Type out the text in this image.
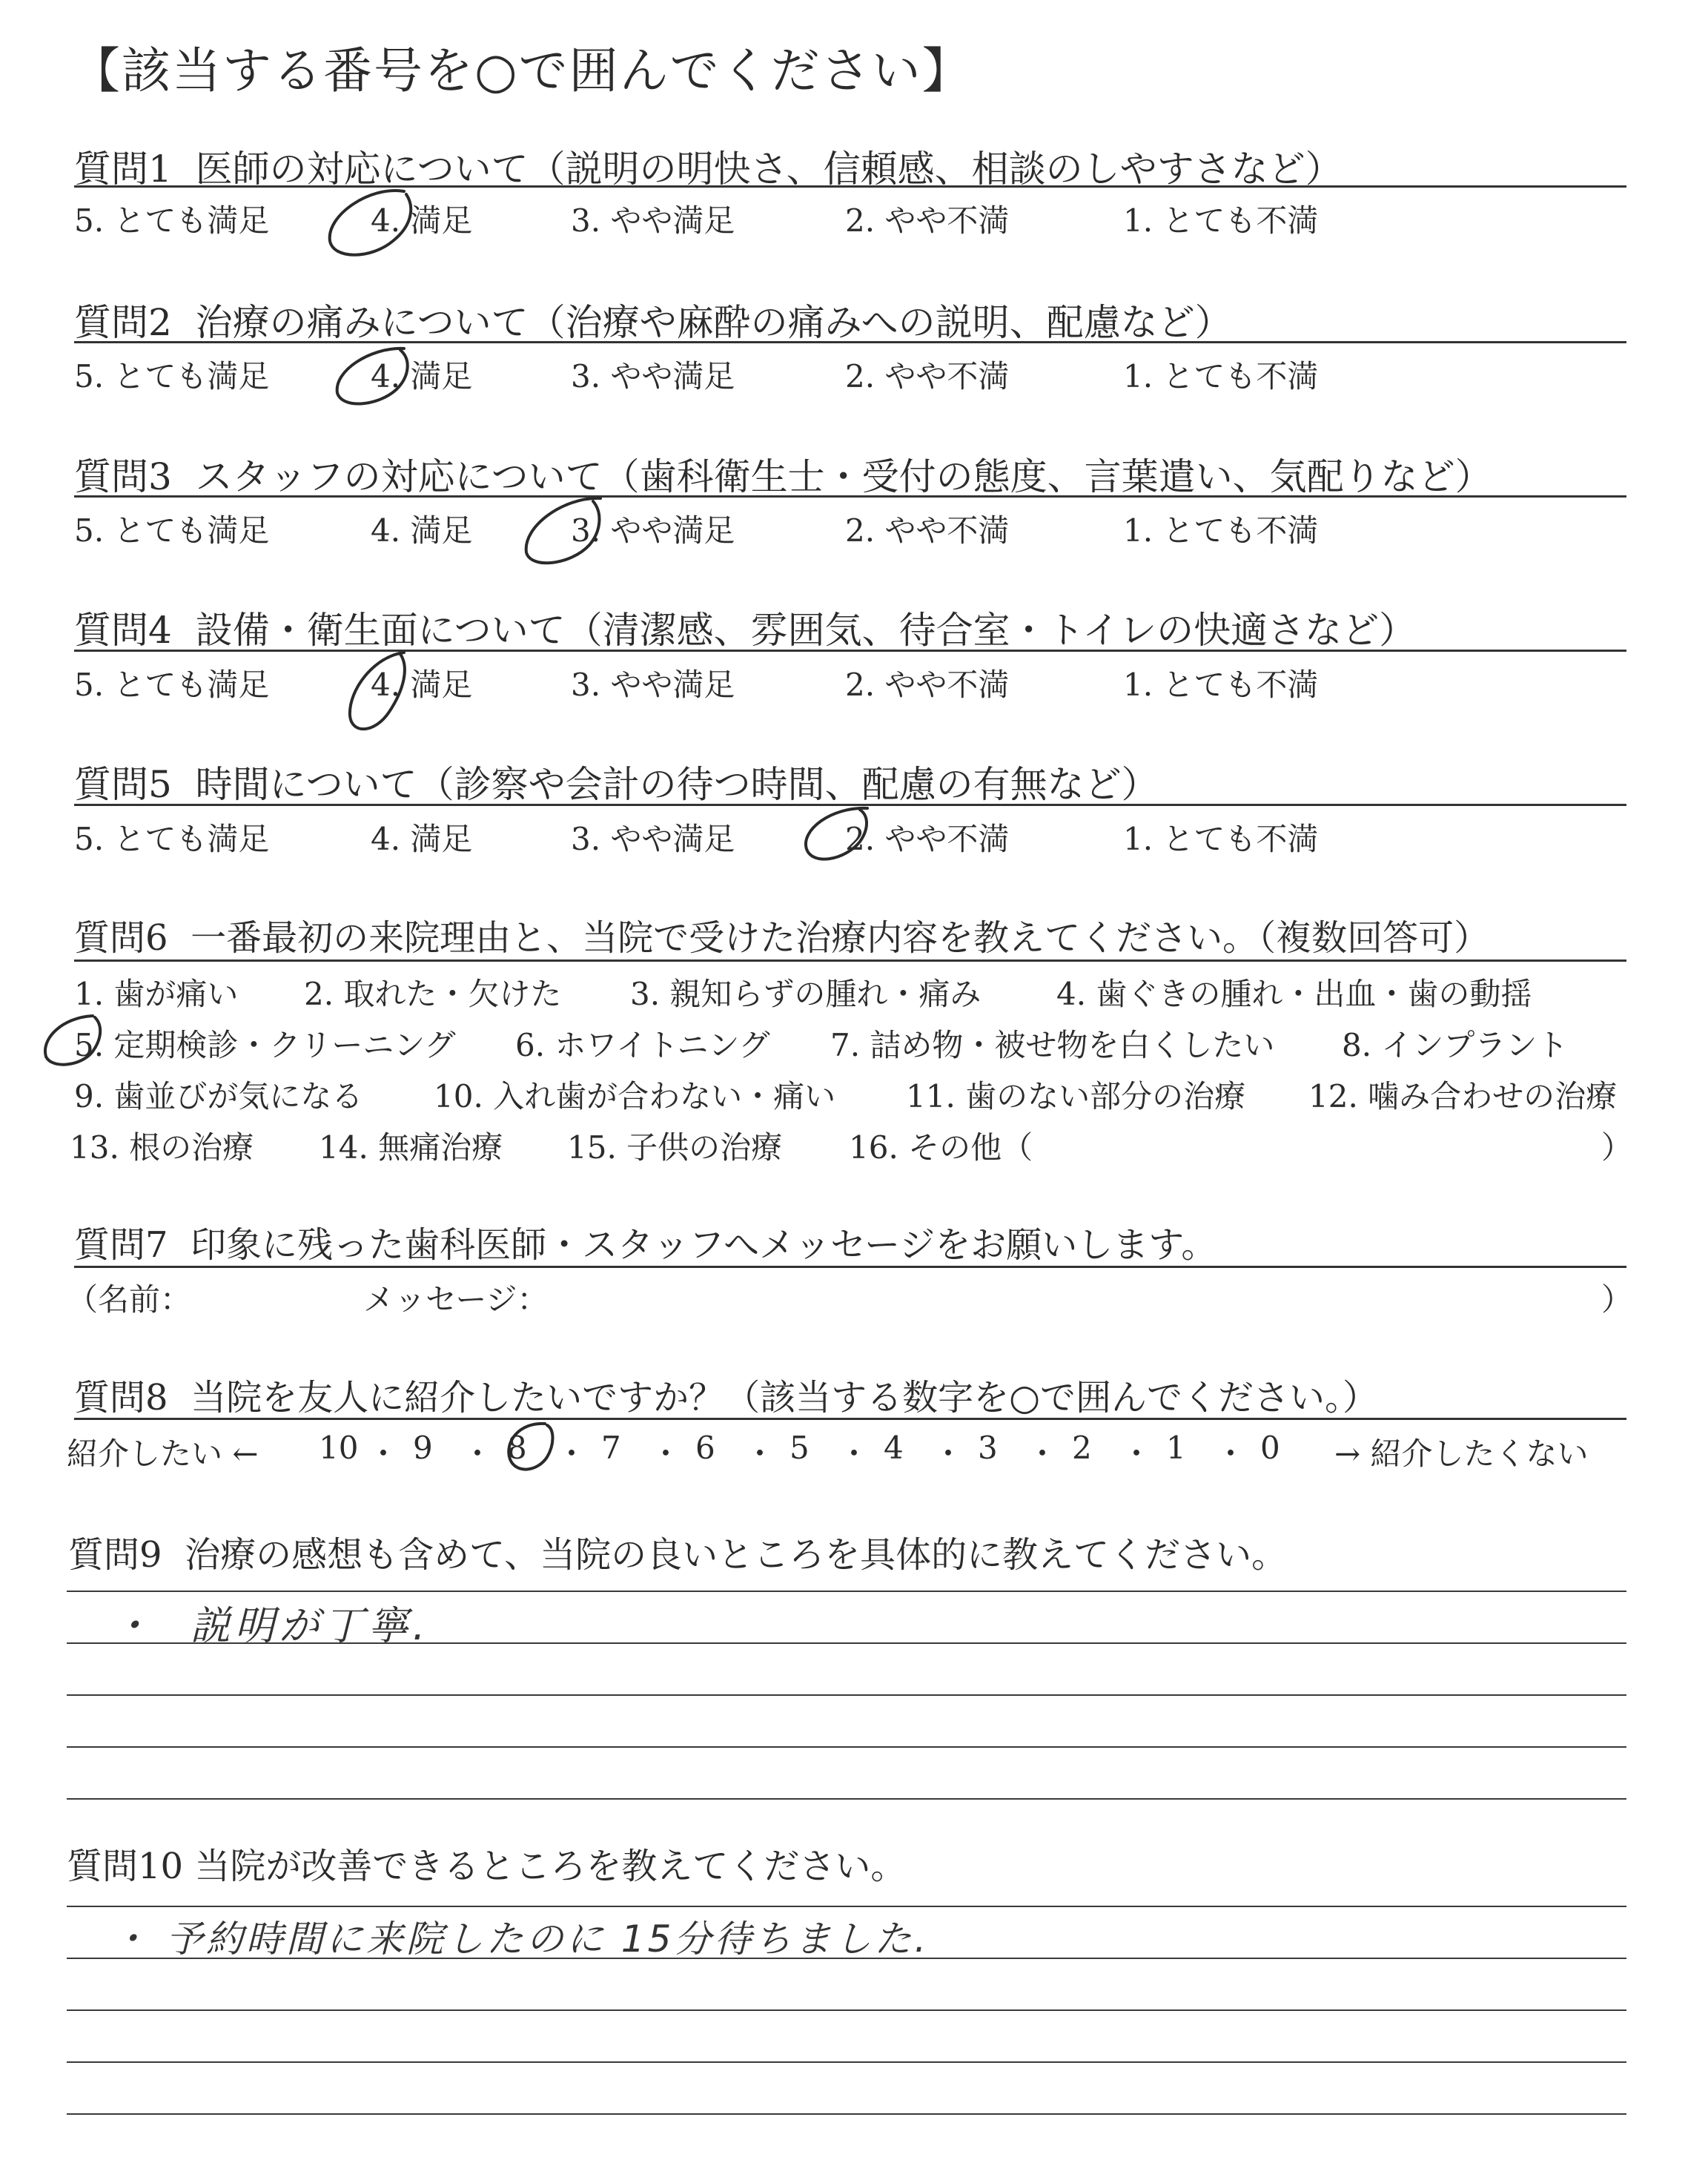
【該当する番号を○で囲んでください】
質問1 医師の対応について（説明の明快さ、信頼感、相談のしやすさなど）
5. とても満足	4. 満足	3. やや満足	2. やや不満	1. とても不満
質問2 治療の痛みについて（治療や麻酔の痛みへの説明、配慮など）
5. とても満足	4. 満足	3. やや満足	2. やや不満	1. とても不満
質問3 スタッフの対応について（歯科衛生士・受付の態度、言葉遣い、気配りなど）
5. とても満足	4. 満足	3. やや満足	2. やや不満	1. とても不満
質問4 設備・衛生面について（清潔感、雰囲気、待合室・トイレの快適さなど）
5. とても満足	4. 満足	3. やや満足	2. やや不満	1. とても不満
質問5 時間について（診察や会計の待つ時間、配慮の有無など）
5. とても満足	4. 満足	3. やや満足	2. やや不満	1. とても不満
質問6 一番最初の来院理由と、当院で受けた治療内容を教えてください。（複数回答可）
1. 歯が痛い 2. 取れた・欠けた 3. 親知らずの腫れ・痛み 4. 歯ぐきの腫れ・出血・歯の動揺
5. 定期検診・クリーニング 6. ホワイトニング 7. 詰め物・被せ物を白くしたい 8. インプラント
9. 歯並びが気になる 10. 入れ歯が合わない・痛い 11. 歯のない部分の治療 12. 噛み合わせの治療
13. 根の治療 14. 無痛治療 15. 子供の治療 16. その他（	）
質問7 印象に残った歯科医師・スタッフへメッセージをお願いします。
（名前：	メッセージ：	）
質問8 当院を友人に紹介したいですか？（該当する数字を○で囲んでください。）
紹介したい ←	→ 紹介したくない
10 ・ 9 ・ 8 ・ 7 ・ 6 ・ 5 ・ 4 ・ 3 ・ 2 ・ 1 ・ 0
質問9 治療の感想も含めて、当院の良いところを具体的に教えてください。
・  説明が丁寧.
質問10 当院が改善できるところを教えてください。
・ 予約時間に来院したのに 15分待ちました.
